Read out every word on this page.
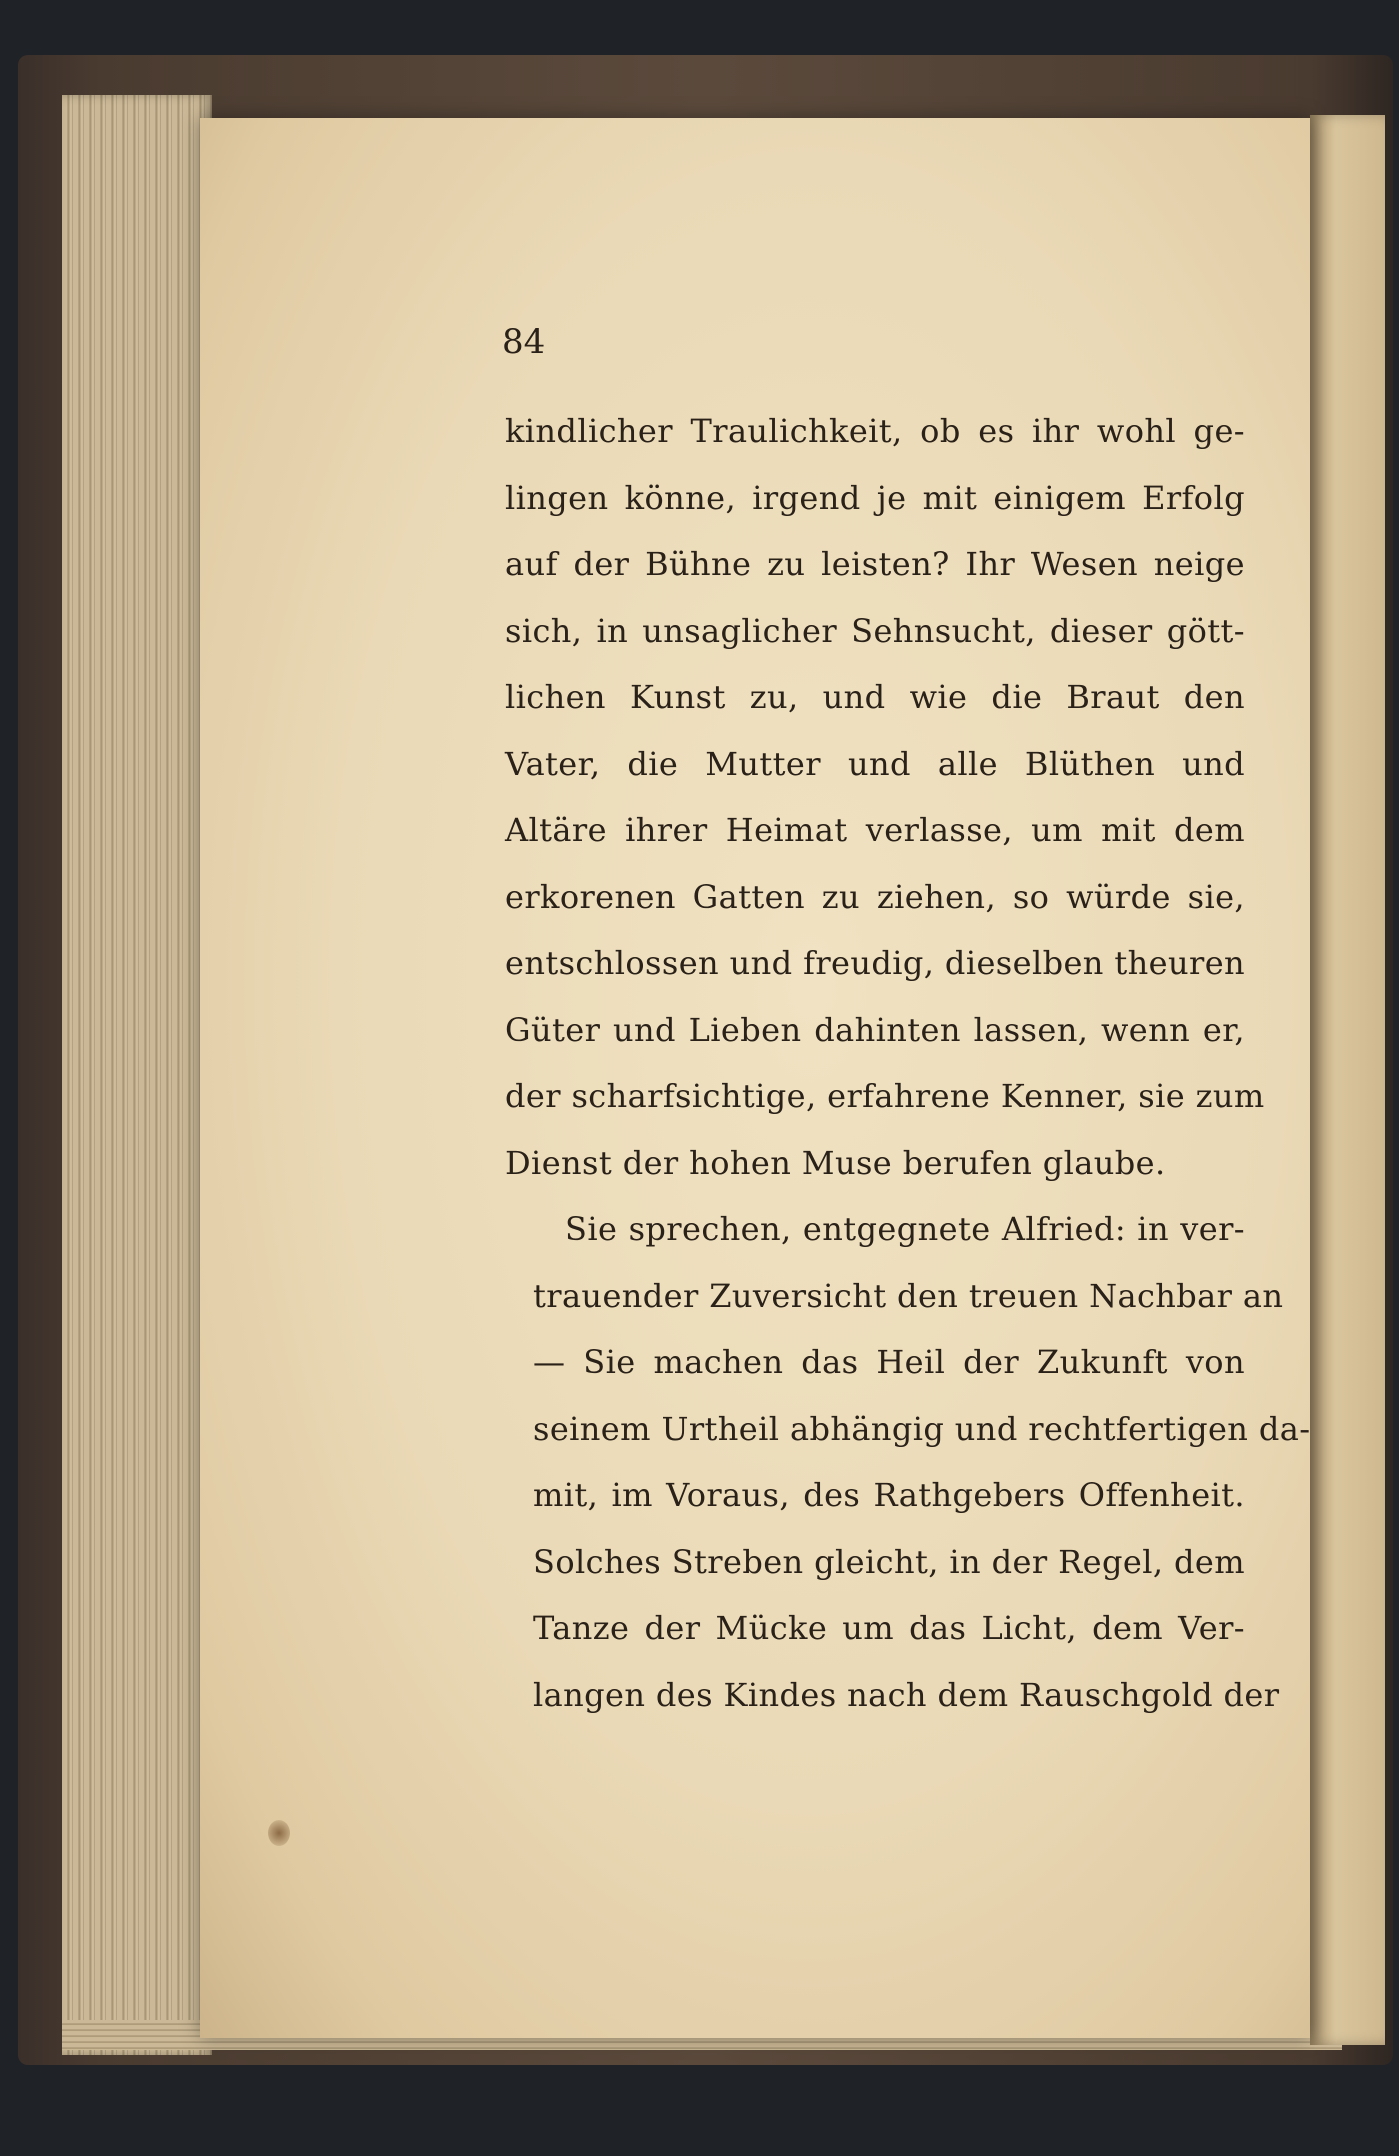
84
kindlicher Traulichkeit, ob es ihr wohl ge-
lingen könne, irgend je mit einigem Erfolg
auf der Bühne zu leisten? Ihr Wesen neige
sich, in unsaglicher Sehnsucht, dieser gött-
lichen Kunst zu, und wie die Braut den
Vater, die Mutter und alle Blüthen und
Altäre ihrer Heimat verlasse, um mit dem
erkorenen Gatten zu ziehen, so würde sie,
entschlossen und freudig, dieselben theuren
Güter und Lieben dahinten lassen, wenn er,
der scharfsichtige, erfahrene Kenner, sie zum
Dienst der hohen Muse berufen glaube.
Sie sprechen, entgegnete Alfried: in ver-
trauender Zuversicht den treuen Nachbar an
— Sie machen das Heil der Zukunft von
seinem Urtheil abhängig und rechtfertigen da-
mit, im Voraus, des Rathgebers Offenheit.
Solches Streben gleicht, in der Regel, dem
Tanze der Mücke um das Licht, dem Ver-
langen des Kindes nach dem Rauschgold der
